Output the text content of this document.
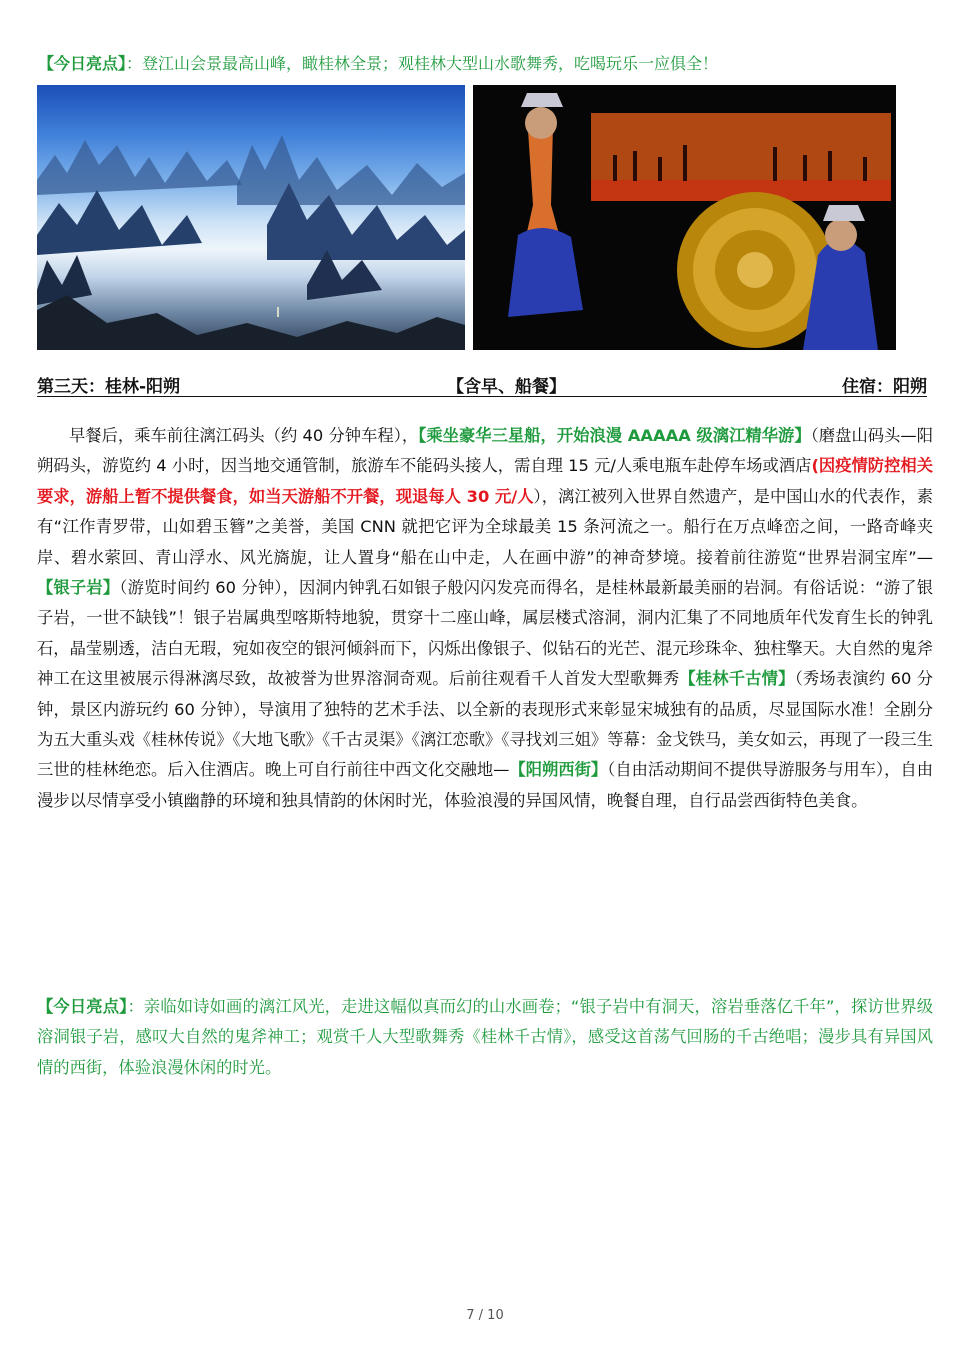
【今日亮点】：登江山会景最高山峰，瞰桂林全景；观桂林大型山水歌舞秀，吃喝玩乐一应俱全！
第三天：桂林-阳朔	【含早、船餐】	住宿：阳朔
早餐后，乘车前往漓江码头（约 40 分钟车程），【乘坐豪华三星船，开始浪漫 AAAAA 级漓江精华游】（磨盘山码头—阳朔码头，游览约 4 小时，因当地交通管制，旅游车不能码头接人，需自理 15 元/人乘电瓶车赴停车场或酒店(因疫情防控相关要求，游船上暂不提供餐食，如当天游船不开餐，现退每人 30 元/人），漓江被列入世界自然遗产，是中国山水的代表作，素有“江作青罗带，山如碧玉簪”之美誉，美国 CNN 就把它评为全球最美 15 条河流之一。船行在万点峰峦之间，一路奇峰夹岸、碧水萦回、青山浮水、风光旖旎，让人置身“船在山中走，人在画中游”的神奇梦境。接着前往游览“世界岩洞宝库”—【银子岩】（游览时间约 60 分钟），因洞内钟乳石如银子般闪闪发亮而得名，是桂林最新最美丽的岩洞。有俗话说：“游了银子岩，一世不缺钱”！银子岩属典型喀斯特地貌，贯穿十二座山峰，属层楼式溶洞，洞内汇集了不同地质年代发育生长的钟乳石，晶莹剔透，洁白无瑕，宛如夜空的银河倾斜而下，闪烁出像银子、似钻石的光芒、混元珍珠伞、独柱擎天。大自然的鬼斧神工在这里被展示得淋漓尽致，故被誉为世界溶洞奇观。后前往观看千人首发大型歌舞秀【桂林千古情】（秀场表演约 60 分钟，景区内游玩约 60 分钟），导演用了独特的艺术手法、以全新的表现形式来彰显宋城独有的品质，尽显国际水准！全剧分为五大重头戏《桂林传说》《大地飞歌》《千古灵渠》《漓江恋歌》《寻找刘三姐》等幕：金戈铁马，美女如云，再现了一段三生三世的桂林绝恋。后入住酒店。晚上可自行前往中西文化交融地—【阳朔西街】（自由活动期间不提供导游服务与用车），自由漫步以尽情享受小镇幽静的环境和独具情韵的休闲时光，体验浪漫的异国风情，晚餐自理，自行品尝西街特色美食。
【今日亮点】：亲临如诗如画的漓江风光，走进这幅似真而幻的山水画卷；“银子岩中有洞天，溶岩垂落亿千年”，探访世界级溶洞银子岩，感叹大自然的鬼斧神工；观赏千人大型歌舞秀《桂林千古情》，感受这首荡气回肠的千古绝唱；漫步具有异国风情的西街，体验浪漫休闲的时光。
7 / 10
